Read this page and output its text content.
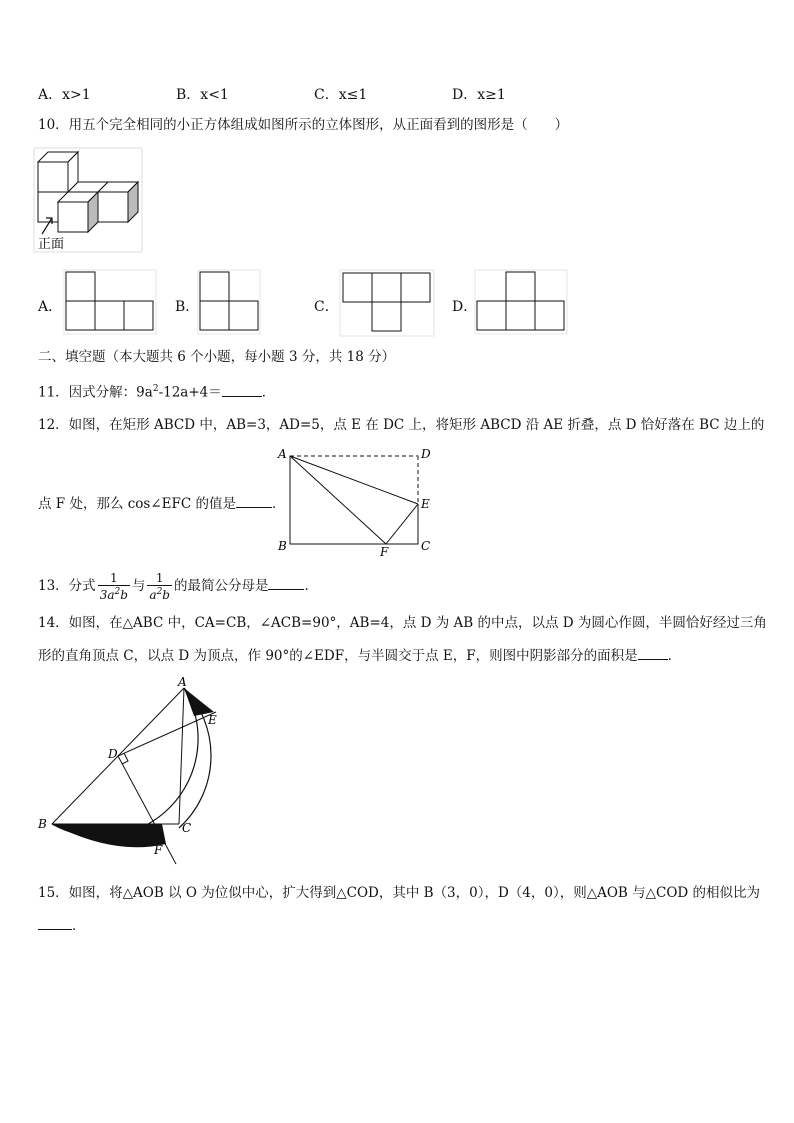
A．x>1	B．x<1	C．x≤1	D．x≥1
10．用五个完全相同的小正方体组成如图所示的立体图形，从正面看到的图形是（　　）
正面
A．	B．	C．	D．
二、填空题（本大题共 6 个小题，每小题 3 分，共 18 分）
11．因式分解：$9a^2-12a+4=$	．
12．如图，在矩形 ABCD 中，AB=3，AD=5，点 E 在 DC 上，将矩形 ABCD 沿 AE 折叠，点 D 恰好落在 BC 边上的
A	D
E
B	F	C
点 F 处，那么 cos∠EFC 的值是	．
13．分式 $\frac{1}{3a^2b}$ 与 $\frac{1}{a^2b}$ 的最简公分母是	．
14．如图，在△ABC 中，CA=CB，∠ACB=90°，AB=4，点 D 为 AB 的中点，以点 D 为圆心作圆，半圆恰好经过三角
形的直角顶点 C，以点 D 为顶点，作 90°的∠EDF，与半圆交于点 E，F，则图中阴影部分的面积是 ．
A
E
D
B	C
F
15．如图，将△AOB 以 O 为位似中心，扩大得到△COD，其中 B（3，0），D（4，0），则△AOB 与△COD 的相似比为
．
